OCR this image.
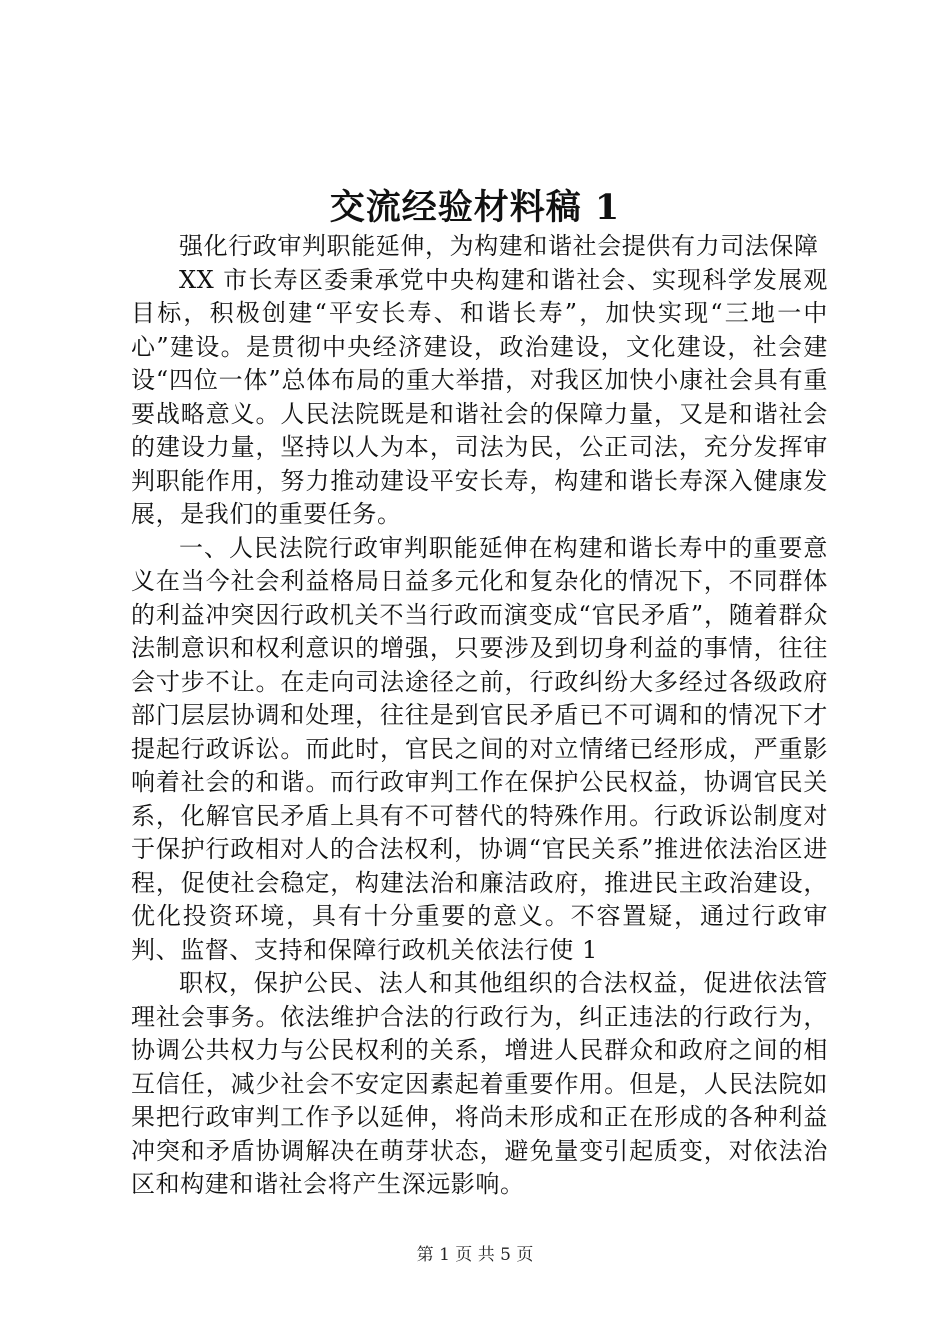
交流经验材料稿 1

强化行政审判职能延伸，为构建和谐社会提供有力司法保障

XX 市长寿区委秉承党中央构建和谐社会、实现科学发展观目标，积极创建“平安长寿、和谐长寿”，加快实现“三地一中心”建设。是贯彻中央经济建设，政治建设，文化建设，社会建设“四位一体”总体布局的重大举措，对我区加快小康社会具有重要战略意义。人民法院既是和谐社会的保障力量，又是和谐社会的建设力量，坚持以人为本，司法为民，公正司法，充分发挥审判职能作用，努力推动建设平安长寿，构建和谐长寿深入健康发展，是我们的重要任务。

一、人民法院行政审判职能延伸在构建和谐长寿中的重要意义在当今社会利益格局日益多元化和复杂化的情况下，不同群体的利益冲突因行政机关不当行政而演变成“官民矛盾”，随着群众法制意识和权利意识的增强，只要涉及到切身利益的事情，往往会寸步不让。在走向司法途径之前，行政纠纷大多经过各级政府部门层层协调和处理，往往是到官民矛盾已不可调和的情况下才提起行政诉讼。而此时，官民之间的对立情绪已经形成，严重影响着社会的和谐。而行政审判工作在保护公民权益，协调官民关系，化解官民矛盾上具有不可替代的特殊作用。行政诉讼制度对于保护行政相对人的合法权利，协调“官民关系”推进依法治区进程，促使社会稳定，构建法治和廉洁政府，推进民主政治建设，优化投资环境，具有十分重要的意义。不容置疑，通过行政审判、监督、支持和保障行政机关依法行使 1

职权，保护公民、法人和其他组织的合法权益，促进依法管理社会事务。依法维护合法的行政行为，纠正违法的行政行为，协调公共权力与公民权利的关系，增进人民群众和政府之间的相互信任，减少社会不安定因素起着重要作用。但是，人民法院如果把行政审判工作予以延伸，将尚未形成和正在形成的各种利益冲突和矛盾协调解决在萌芽状态，避免量变引起质变，对依法治区和构建和谐社会将产生深远影响。

第 1 页 共 5 页
